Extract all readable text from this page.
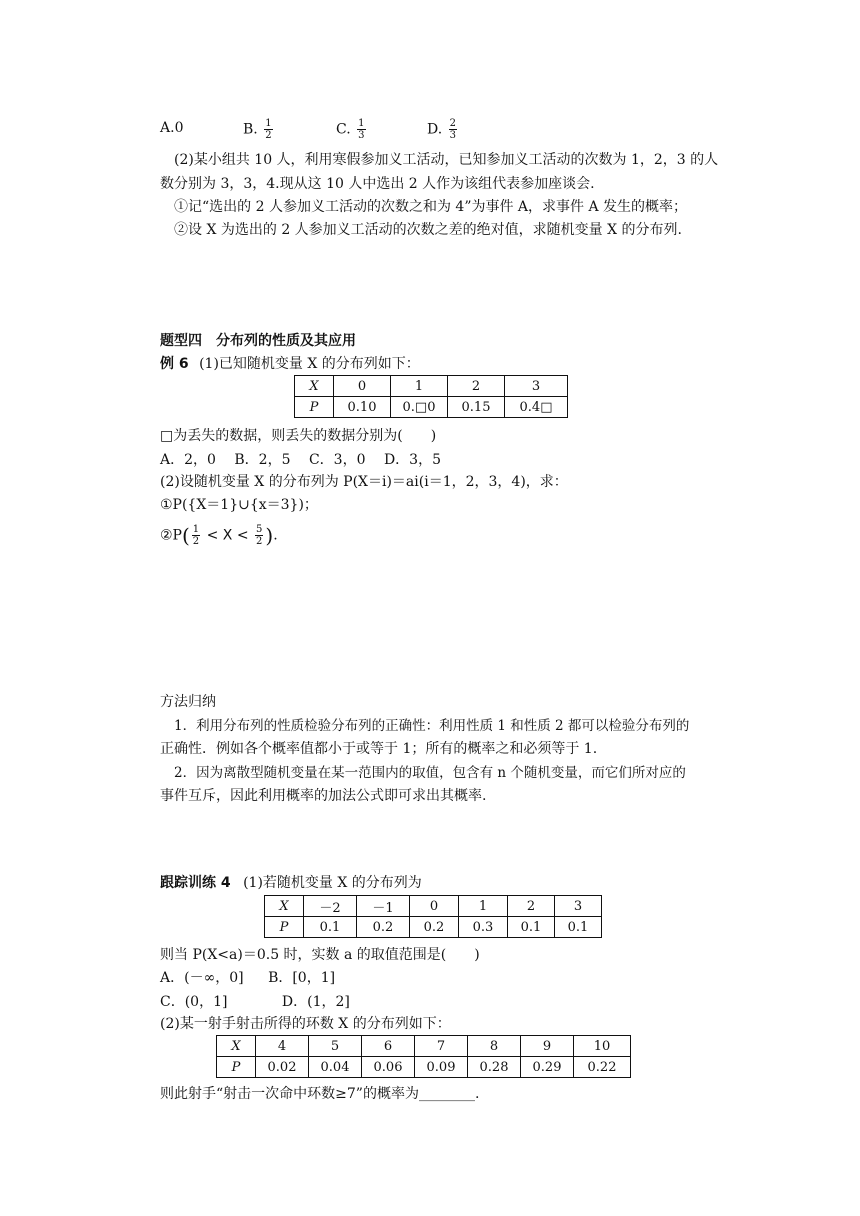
A.0	B. $\frac{1}{2}$	C. $\frac{1}{3}$	D. $\frac{2}{3}$
(2)某小组共 10 人，利用寒假参加义工活动，已知参加义工活动的次数为 1，2，3 的人
数分别为 3，3，4.现从这 10 人中选出 2 人作为该组代表参加座谈会.
①记“选出的 2 人参加义工活动的次数之和为 4”为事件 A，求事件 A 发生的概率；
②设 X 为选出的 2 人参加义工活动的次数之差的绝对值，求随机变量 X 的分布列.
题型四　分布列的性质及其应用
例 6 (1)已知随机变量 X 的分布列如下：
X	0	1	2	3
P	0.10	0.□0	0.15	0.4□
□为丢失的数据，则丢失的数据分别为(　　)
A．2，0 B．2，5 C．3，0 D．3，5
(2)设随机变量 X 的分布列为 P(X＝i)＝ai(i＝1，2，3，4)，求：
①P({X＝1}∪{x＝3})；
②P( $\frac{1}{2} < X < \frac{5}{2}$ ).
方法归纳
1．利用分布列的性质检验分布列的正确性：利用性质 1 和性质 2 都可以检验分布列的
正确性．例如各个概率值都小于或等于 1；所有的概率之和必须等于 1.
2．因为离散型随机变量在某一范围内的取值，包含有 n 个随机变量，而它们所对应的
事件互斥，因此利用概率的加法公式即可求出其概率.
跟踪训练 4 (1)若随机变量 X 的分布列为
X	－2	－1	0	1	2	3
P	0.1	0.2	0.2	0.3	0.1	0.1
则当 P(X<a)＝0.5 时，实数 a 的取值范围是(　　)
A．(－∞，0] B．[0，1]
C．(0，1]	D．(1，2]
(2)某一射手射击所得的环数 X 的分布列如下：
X	4	5	6	7	8	9	10
P	0.02	0.04	0.06	0.09	0.28	0.29	0.22
则此射手“射击一次命中环数≥7”的概率为________.
